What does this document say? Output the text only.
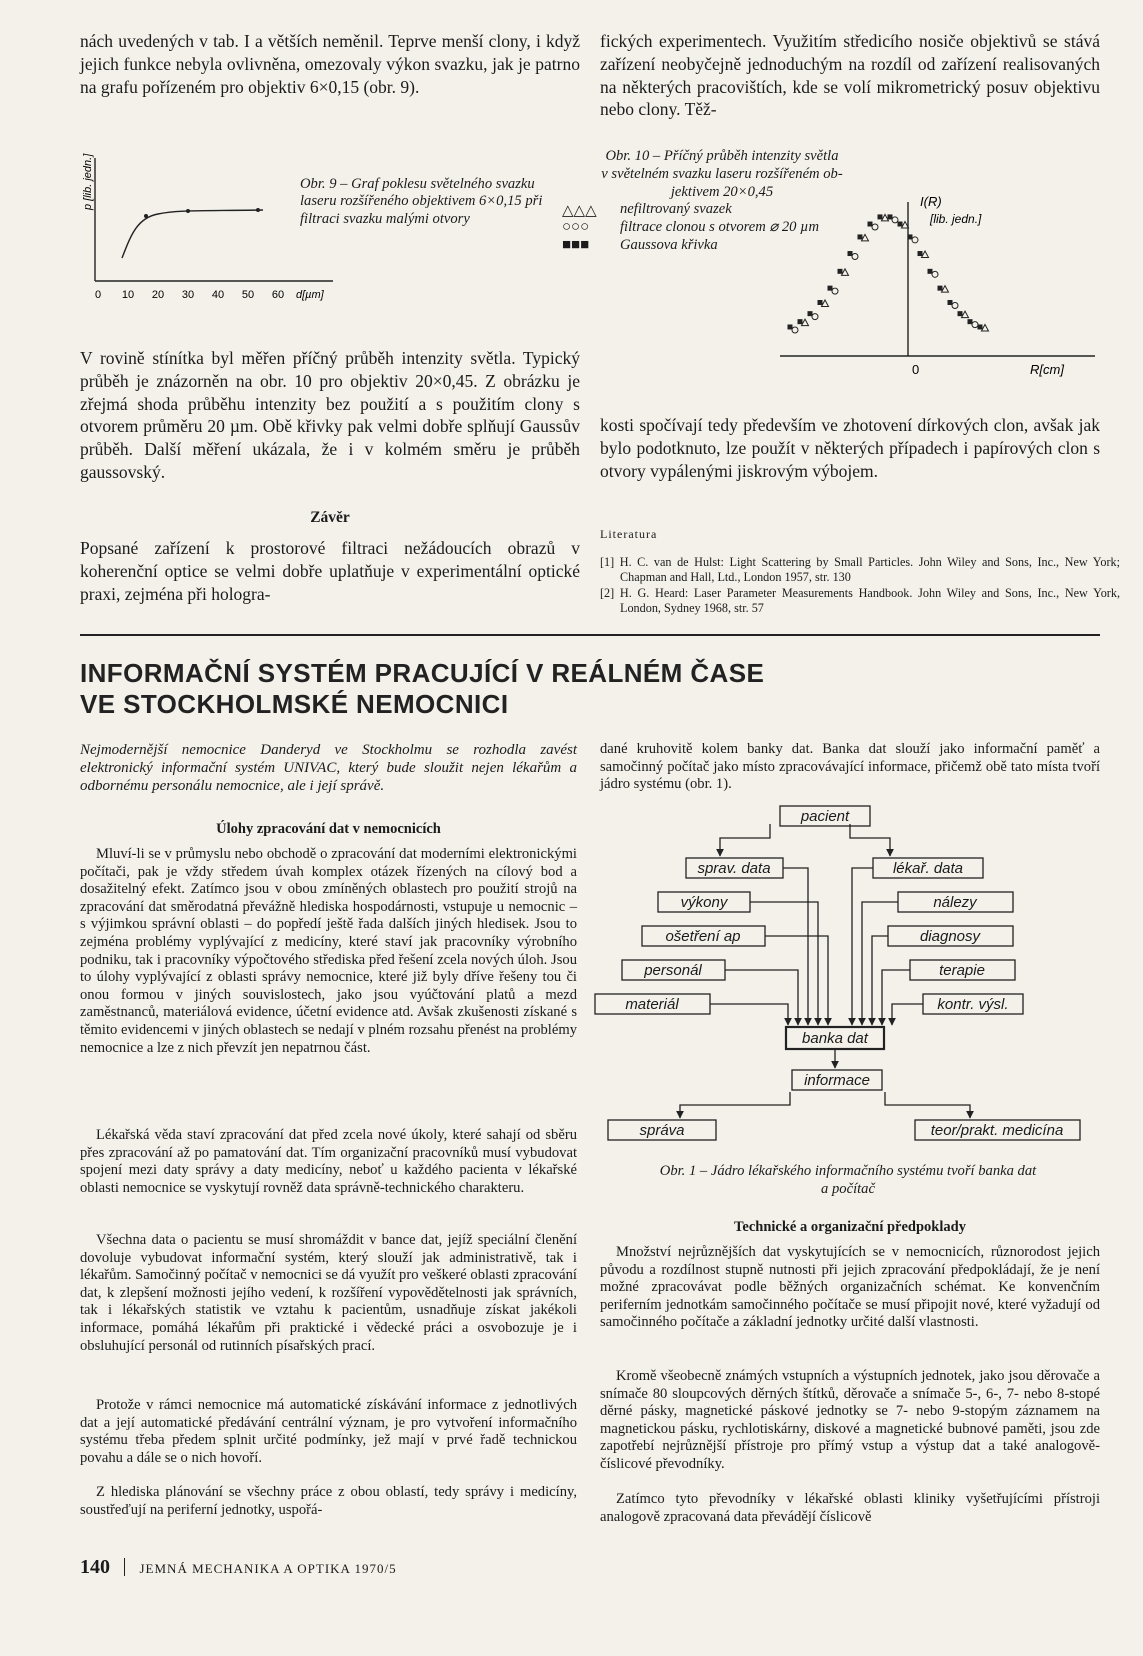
nách uvedených v tab. I a větších neměnil. Teprve menší clony, i když jejich funkce nebyla ovlivněna, omezovaly výkon svazku, jak je patrno na grafu pořízeném pro objektiv 6×0,15 (obr. 9).

p [lib. jedn.]
0 10 20 30 40 50 60 d[µm]
Obr. 9 – Graf poklesu světelného svazku laseru rozšířeného objektivem 6×0,15 při filtraci svazku malými otvory

V rovině stínítka byl měřen příčný průběh intenzity světla. Typický průběh je znázorněn na obr. 10 pro objektiv 20×0,45. Z obrázku je zřejmá shoda průběhu intenzity bez použití a s použitím clony s otvorem průměru 20 µm. Obě křivky pak velmi dobře splňují Gaussův průběh. Další měření ukázala, že i v kolmém směru je průběh gaussovský.

Závěr

Popsané zařízení k prostorové filtraci nežádoucích obrazů v koherenční optice se velmi dobře uplatňuje v experimentální optické praxi, zejména při hologra-

fických experimentech. Využitím středicího nosiče objektivů se stává zařízení neobyčejně jednoduchým na rozdíl od zařízení realisovaných na některých pracovištích, kde se volí mikrometrický posuv objektivu nebo clony. Těž-

Obr. 10 – Příčný průběh intenzity světla
v světelném svazku laseru rozšířeném ob-
jektivem 20×0,45
△△△ nefiltrovaný svazek
○○○ filtrace clonou s otvorem ⌀ 20 µm
■■■ Gaussova křivka
I(R)
[lib. jedn.]
0	R[cm]

kosti spočívají tedy především ve zhotovení dírkových clon, avšak jak bylo podotknuto, lze použít v některých případech i papírových clon s otvory vypálenými jiskrovým výbojem.

Literatura
[1] H. C. van de Hulst: Light Scattering by Small Particles. John Wiley and Sons, Inc., New York; Chapman and Hall, Ltd., London 1957, str. 130
[2] H. G. Heard: Laser Parameter Measurements Handbook. John Wiley and Sons, Inc., New York, London, Sydney 1968, str. 57
INFORMAČNÍ SYSTÉM PRACUJÍCÍ V REÁLNÉM ČASE
VE STOCKHOLMSKÉ NEMOCNICI

Nejmodernější nemocnice Danderyd ve Stockholmu se rozhodla zavést elektronický informační systém UNIVAC, který bude sloužit nejen lékařům a odbornému personálu nemocnice, ale i její správě.

Úlohy zpracování dat v nemocnicích

Mluví-li se v průmyslu nebo obchodě o zpracování dat moderními elektronickými počítači, pak je vždy středem úvah komplex otázek řízených na cílový bod a dosažitelný efekt. Zatímco jsou v obou zmíněných oblastech pro použití strojů na zpracování dat směrodatná převážně hlediska hospodárnosti, vstupuje u nemocnic – s výjimkou správní oblasti – do popředí ještě řada dalších jiných hledisek. Jsou to zejména problémy vyplývající z medicíny, které staví jak pracovníky výrobního podniku, tak i pracovníky výpočtového střediska před řešení zcela nových úloh. Jsou to úlohy vyplývající z oblasti správy nemocnice, které již byly dříve řešeny tou či onou formou v jiných souvislostech, jako jsou vyúčtování platů a mezd zaměstnanců, materiálová evidence, účetní evidence atd. Avšak zkušenosti získané s těmito evidencemi v jiných oblastech se nedají v plném rozsahu přenést na problémy nemocnice a lze z nich převzít jen nepatrnou část.

Lékařská věda staví zpracování dat před zcela nové úkoly, které sahají od sběru přes zpracování až po pamatování dat. Tím organizační pracovníků musí vybudovat spojení mezi daty správy a daty medicíny, neboť u každého pacienta v lékařské oblasti nemocnice se vyskytují rovněž data správně-technického charakteru.

Všechna data o pacientu se musí shromáždit v bance dat, jejíž speciální členění dovoluje vybudovat informační systém, který slouží jak administrativě, tak i lékařům. Samočinný počítač v nemocnici se dá využít pro veškeré oblasti zpracování dat, k zlepšení možnosti jejího vedení, k rozšíření vypovědětelnosti jak správních, tak i lékařských statistik ve vztahu k pacientům, usnadňuje získat jakékoli informace, pomáhá lékařům při praktické i vědecké práci a osvobozuje je i obsluhující personál od rutinních písařských prací.

Protože v rámci nemocnice má automatické získávání informace z jednotlivých dat a její automatické předávání centrální význam, je pro vytvoření informačního systému třeba předem splnit určité podmínky, jež mají v prvé řadě technickou povahu a dále se o nich hovoří.

Z hlediska plánování se všechny práce z obou oblastí, tedy správy i medicíny, soustřeďují na periferní jednotky, uspořá-

dané kruhovitě kolem banky dat. Banka dat slouží jako informační paměť a samočinný počítač jako místo zpracovávající informace, přičemž obě tato místa tvoří jádro systému (obr. 1).

pacient
sprav. data	lékař. data
výkony	nálezy
ošetření ap	diagnosy
personál	terapie
materiál	kontr. výsl.
banka dat
informace
správa	teor/prakt. medicína
Obr. 1 – Jádro lékařského informačního systému tvoří banka dat
a počítač
Technické a organizační předpoklady

Množství nejrůznějších dat vyskytujících se v nemocnicích, různorodost jejich původu a rozdílnost stupně nutnosti při jejich zpracování předpokládají, že je není možné zpracovávat podle běžných organizačních schémat. Ke konvenčním periferním jednotkám samočinného počítače se musí připojit nové, které vyžadují od samočinného počítače a základní jednotky určité další vlastnosti.

Kromě všeobecně známých vstupních a výstupních jednotek, jako jsou děrovače a snímače 80 sloupcových děrných štítků, děrovače a snímače 5-, 6-, 7- nebo 8-stopé děrné pásky, magnetické páskové jednotky se 7- nebo 9-stopým záznamem na magnetickou pásku, rychlotiskárny, diskové a magnetické bubnové paměti, jsou zde zapotřebí nejrůznější přístroje pro přímý vstup a výstup dat a také analogově-číslicové převodníky.

Zatímco tyto převodníky v lékařské oblasti kliniky vyšetřujícími přístroji analogově zpracovaná data převádějí číslicově

140 JEMNÁ MECHANIKA A OPTIKA 1970/5
